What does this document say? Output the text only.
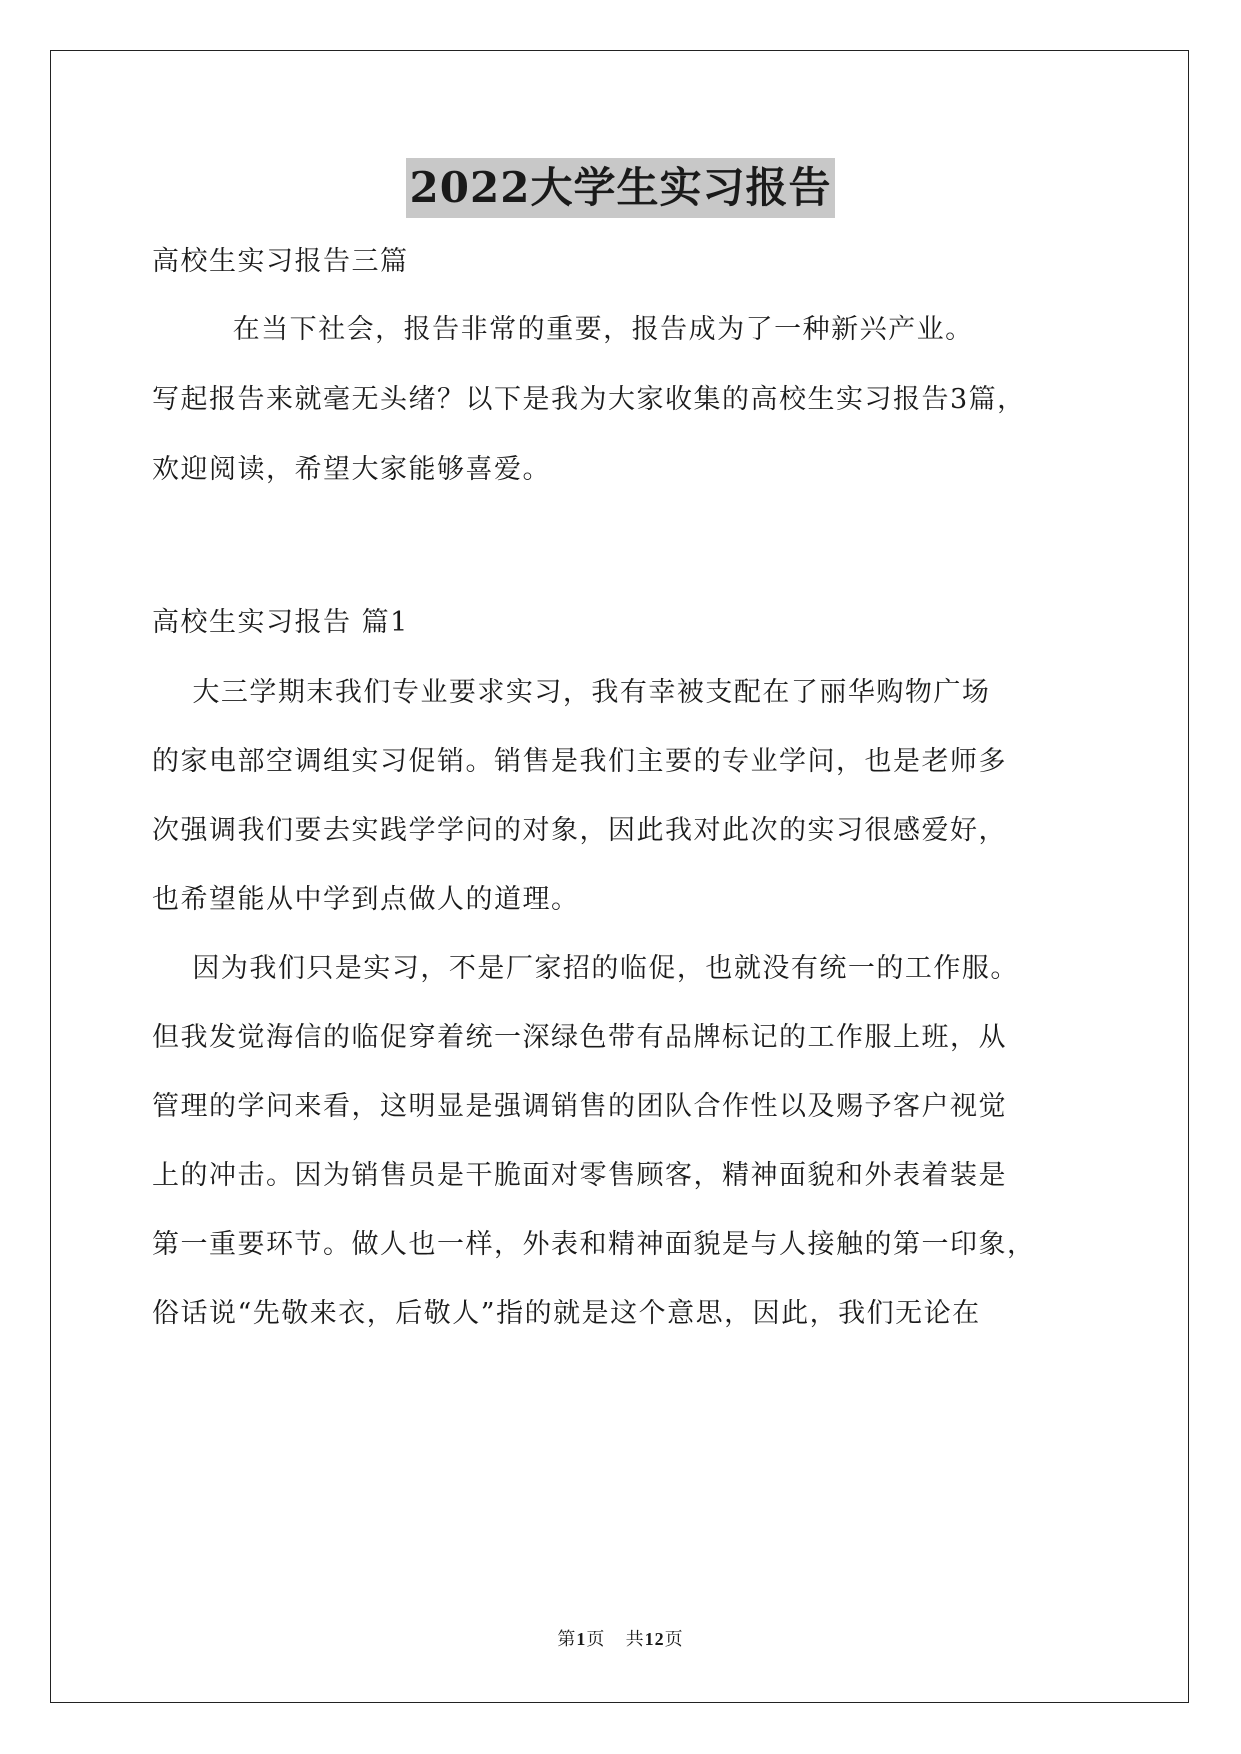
2022大学生实习报告
高校生实习报告三篇
在当下社会，报告非常的重要，报告成为了一种新兴产业。
写起报告来就毫无头绪？以下是我为大家收集的高校生实习报告3篇，
欢迎阅读，希望大家能够喜爱。
高校生实习报告 篇1
大三学期末我们专业要求实习，我有幸被支配在了丽华购物广场
的家电部空调组实习促销。销售是我们主要的专业学问，也是老师多
次强调我们要去实践学学问的对象，因此我对此次的实习很感爱好，
也希望能从中学到点做人的道理。
因为我们只是实习，不是厂家招的临促，也就没有统一的工作服。
但我发觉海信的临促穿着统一深绿色带有品牌标记的工作服上班，从
管理的学问来看，这明显是强调销售的团队合作性以及赐予客户视觉
上的冲击。因为销售员是干脆面对零售顾客，精神面貌和外表着装是
第一重要环节。做人也一样，外表和精神面貌是与人接触的第一印象，
俗话说“先敬来衣，后敬人”指的就是这个意思，因此，我们无论在
第1页   共12页
